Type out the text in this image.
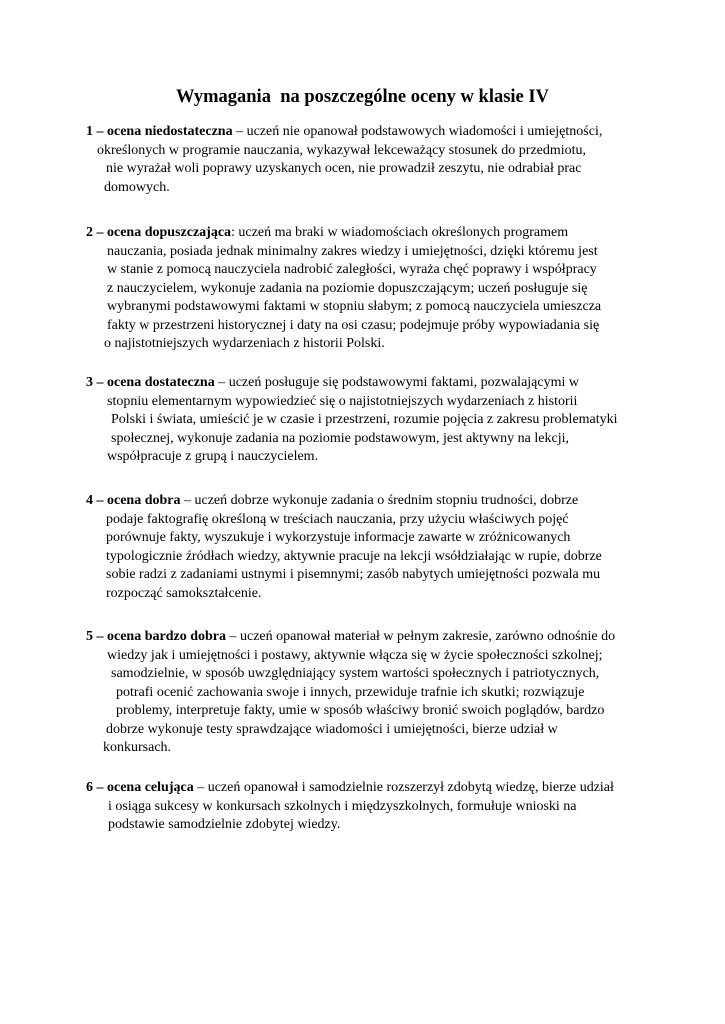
Wymagania  na poszczególne oceny w klasie IV
1 – ocena niedostateczna – uczeń nie opanował podstawowych wiadomości i umiejętności,
określonych w programie nauczania, wykazywał lekceważący stosunek do przedmiotu,
nie wyrażał woli poprawy uzyskanych ocen, nie prowadził zeszytu, nie odrabiał prac
domowych.
2 – ocena dopuszczająca: uczeń ma braki w wiadomościach określonych programem
nauczania, posiada jednak minimalny zakres wiedzy i umiejętności, dzięki któremu jest
w stanie z pomocą nauczyciela nadrobić zaległości, wyraża chęć poprawy i współpracy
z nauczycielem, wykonuje zadania na poziomie dopuszczającym; uczeń posługuje się
wybranymi podstawowymi faktami w stopniu słabym; z pomocą nauczyciela umieszcza
fakty w przestrzeni historycznej i daty na osi czasu; podejmuje próby wypowiadania się
o najistotniejszych wydarzeniach z historii Polski.
3 – ocena dostateczna – uczeń posługuje się podstawowymi faktami, pozwalającymi w
stopniu elementarnym wypowiedzieć się o najistotniejszych wydarzeniach z historii
Polski i świata, umieścić je w czasie i przestrzeni, rozumie pojęcia z zakresu problematyki
społecznej, wykonuje zadania na poziomie podstawowym, jest aktywny na lekcji,
współpracuje z grupą i nauczycielem.
4 – ocena dobra – uczeń dobrze wykonuje zadania o średnim stopniu trudności, dobrze
podaje faktografię określoną w treściach nauczania, przy użyciu właściwych pojęć
porównuje fakty, wyszukuje i wykorzystuje informacje zawarte w zróżnicowanych
typologicznie źródłach wiedzy, aktywnie pracuje na lekcji wsółdziałając w rupie, dobrze
sobie radzi z zadaniami ustnymi i pisemnymi; zasób nabytych umiejętności pozwala mu
rozpocząć samokształcenie.
5 – ocena bardzo dobra – uczeń opanował materiał w pełnym zakresie, zarówno odnośnie do
wiedzy jak i umiejętności i postawy, aktywnie włącza się w życie społeczności szkolnej;
samodzielnie, w sposób uwzględniający system wartości społecznych i patriotycznych,
potrafi ocenić zachowania swoje i innych, przewiduje trafnie ich skutki; rozwiązuje
problemy, interpretuje fakty, umie w sposób właściwy bronić swoich poglądów, bardzo
dobrze wykonuje testy sprawdzające wiadomości i umiejętności, bierze udział w
konkursach.
6 – ocena celująca – uczeń opanował i samodzielnie rozszerzył zdobytą wiedzę, bierze udział
i osiąga sukcesy w konkursach szkolnych i międzyszkolnych, formułuje wnioski na
podstawie samodzielnie zdobytej wiedzy.
